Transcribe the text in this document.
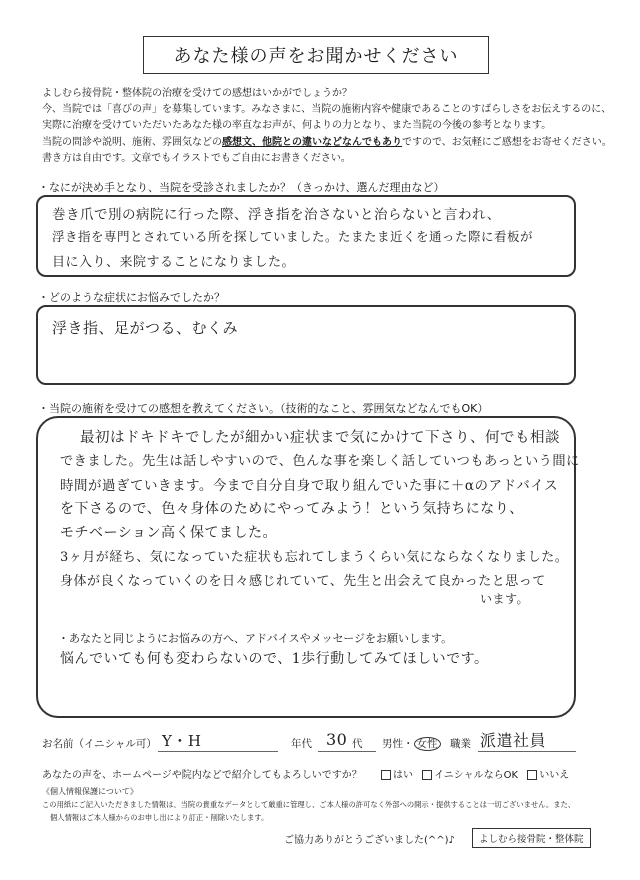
あなた様の声をお聞かせください
よしむら接骨院・整体院の治療を受けての感想はいかがでしょうか？
今、当院では「喜びの声」を募集しています。みなさまに、当院の施術内容や健康であることのすばらしさをお伝えするのに、
実際に治療を受けていただいたあなた様の率直なお声が、何よりの力となり、また当院の今後の参考となります。
当院の問診や説明、施術、雰囲気などの感想文、他院との違いなどなんでもありですので、お気軽にご感想をお寄せください。
書き方は自由です。文章でもイラストでもご自由にお書きください。
・なにが決め手となり、当院を受診されましたか？（きっかけ、選んだ理由など）
巻き爪で別の病院に行った際、浮き指を治さないと治らないと言われ、
浮き指を専門とされている所を探していました。たまたま近くを通った際に看板が
目に入り、来院することになりました。
・どのような症状にお悩みでしたか？
浮き指、足がつる、むくみ
・当院の施術を受けての感想を教えてください。（技術的なこと、雰囲気などなんでもOK）
最初はドキドキでしたが細かい症状まで気にかけて下さり、何でも相談
できました。先生は話しやすいので、色んな事を楽しく話していつもあっという間に
時間が過ぎていきます。今まで自分自身で取り組んでいた事に＋αのアドバイス
を下さるので、色々身体のためにやってみよう！という気持ちになり、
モチベーション高く保てました。
3ヶ月が経ち、気になっていた症状も忘れてしまうくらい気にならなくなりました。
身体が良くなっていくのを日々感じれていて、先生と出会えて良かったと思って
います。
・あなたと同じようにお悩みの方へ、アドバイスやメッセージをお願いします。
悩んでいても何も変わらないので、1歩行動してみてほしいです。
お名前（イニシャル可） Y・H	年代 30 代 男性・ 女性 職業 派遣社員
あなたの声を、ホームページや院内などで紹介してもよろしいですか？	はい イニシャルならOK いいえ
《個人情報保護について》
この用紙にご記入いただきました情報は、当院の貴重なデータとして厳重に管理し、ご本人様の許可なく外部への開示・提供することは一切ございません。また、
個人情報はご本人様からのお申し出により訂正・削除いたします。
ご協力ありがとうございました(^^)♪	よしむら接骨院・整体院
